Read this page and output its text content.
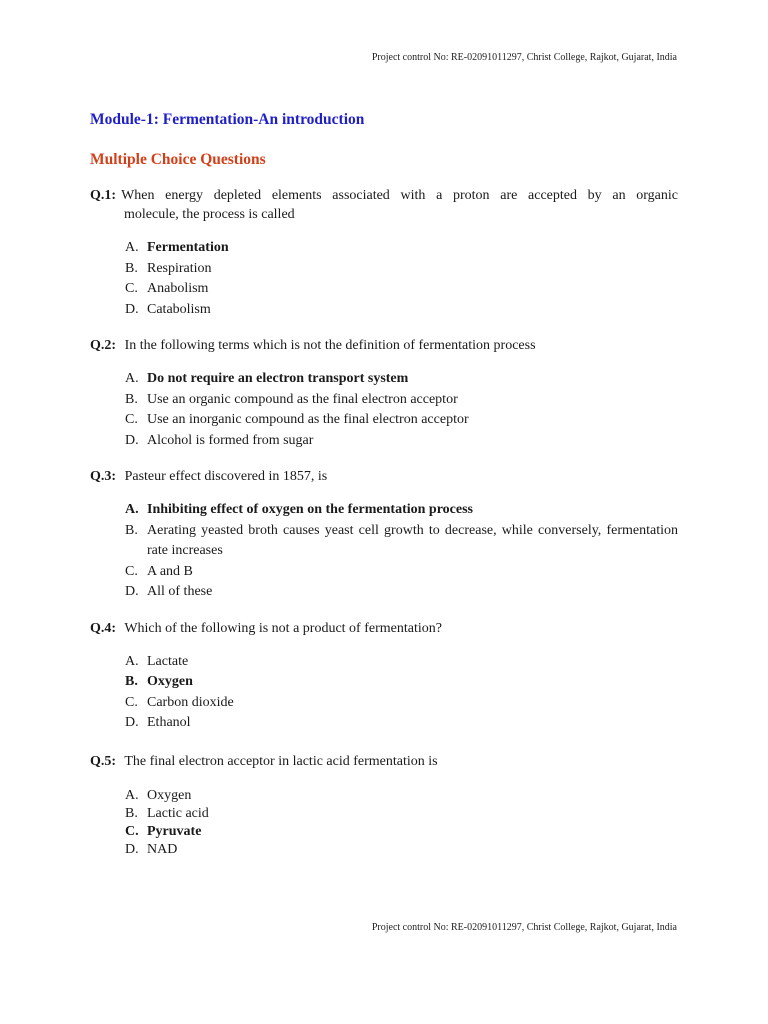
Project control No: RE-02091011297, Christ College, Rajkot, Gujarat, India
Module-1: Fermentation-An introduction
Multiple Choice Questions
Q.1: When energy depleted elements associated with a proton are accepted by an organic
molecule, the process is called
A. Fermentation
B. Respiration
C. Anabolism
D. Catabolism
Q.2: In the following terms which is not the definition of fermentation process
A. Do not require an electron transport system
B. Use an organic compound as the final electron acceptor
C. Use an inorganic compound as the final electron acceptor
D. Alcohol is formed from sugar
Q.3: Pasteur effect discovered in 1857, is
A. Inhibiting effect of oxygen on the fermentation process
B. Aerating yeasted broth causes yeast cell growth to decrease, while conversely, fermentation rate increases
C. A and B
D. All of these
Q.4: Which of the following is not a product of fermentation?
A. Lactate
B. Oxygen
C. Carbon dioxide
D. Ethanol
Q.5: The final electron acceptor in lactic acid fermentation is
A. Oxygen
B. Lactic acid
C. Pyruvate
D. NAD
Project control No: RE-02091011297, Christ College, Rajkot, Gujarat, India
